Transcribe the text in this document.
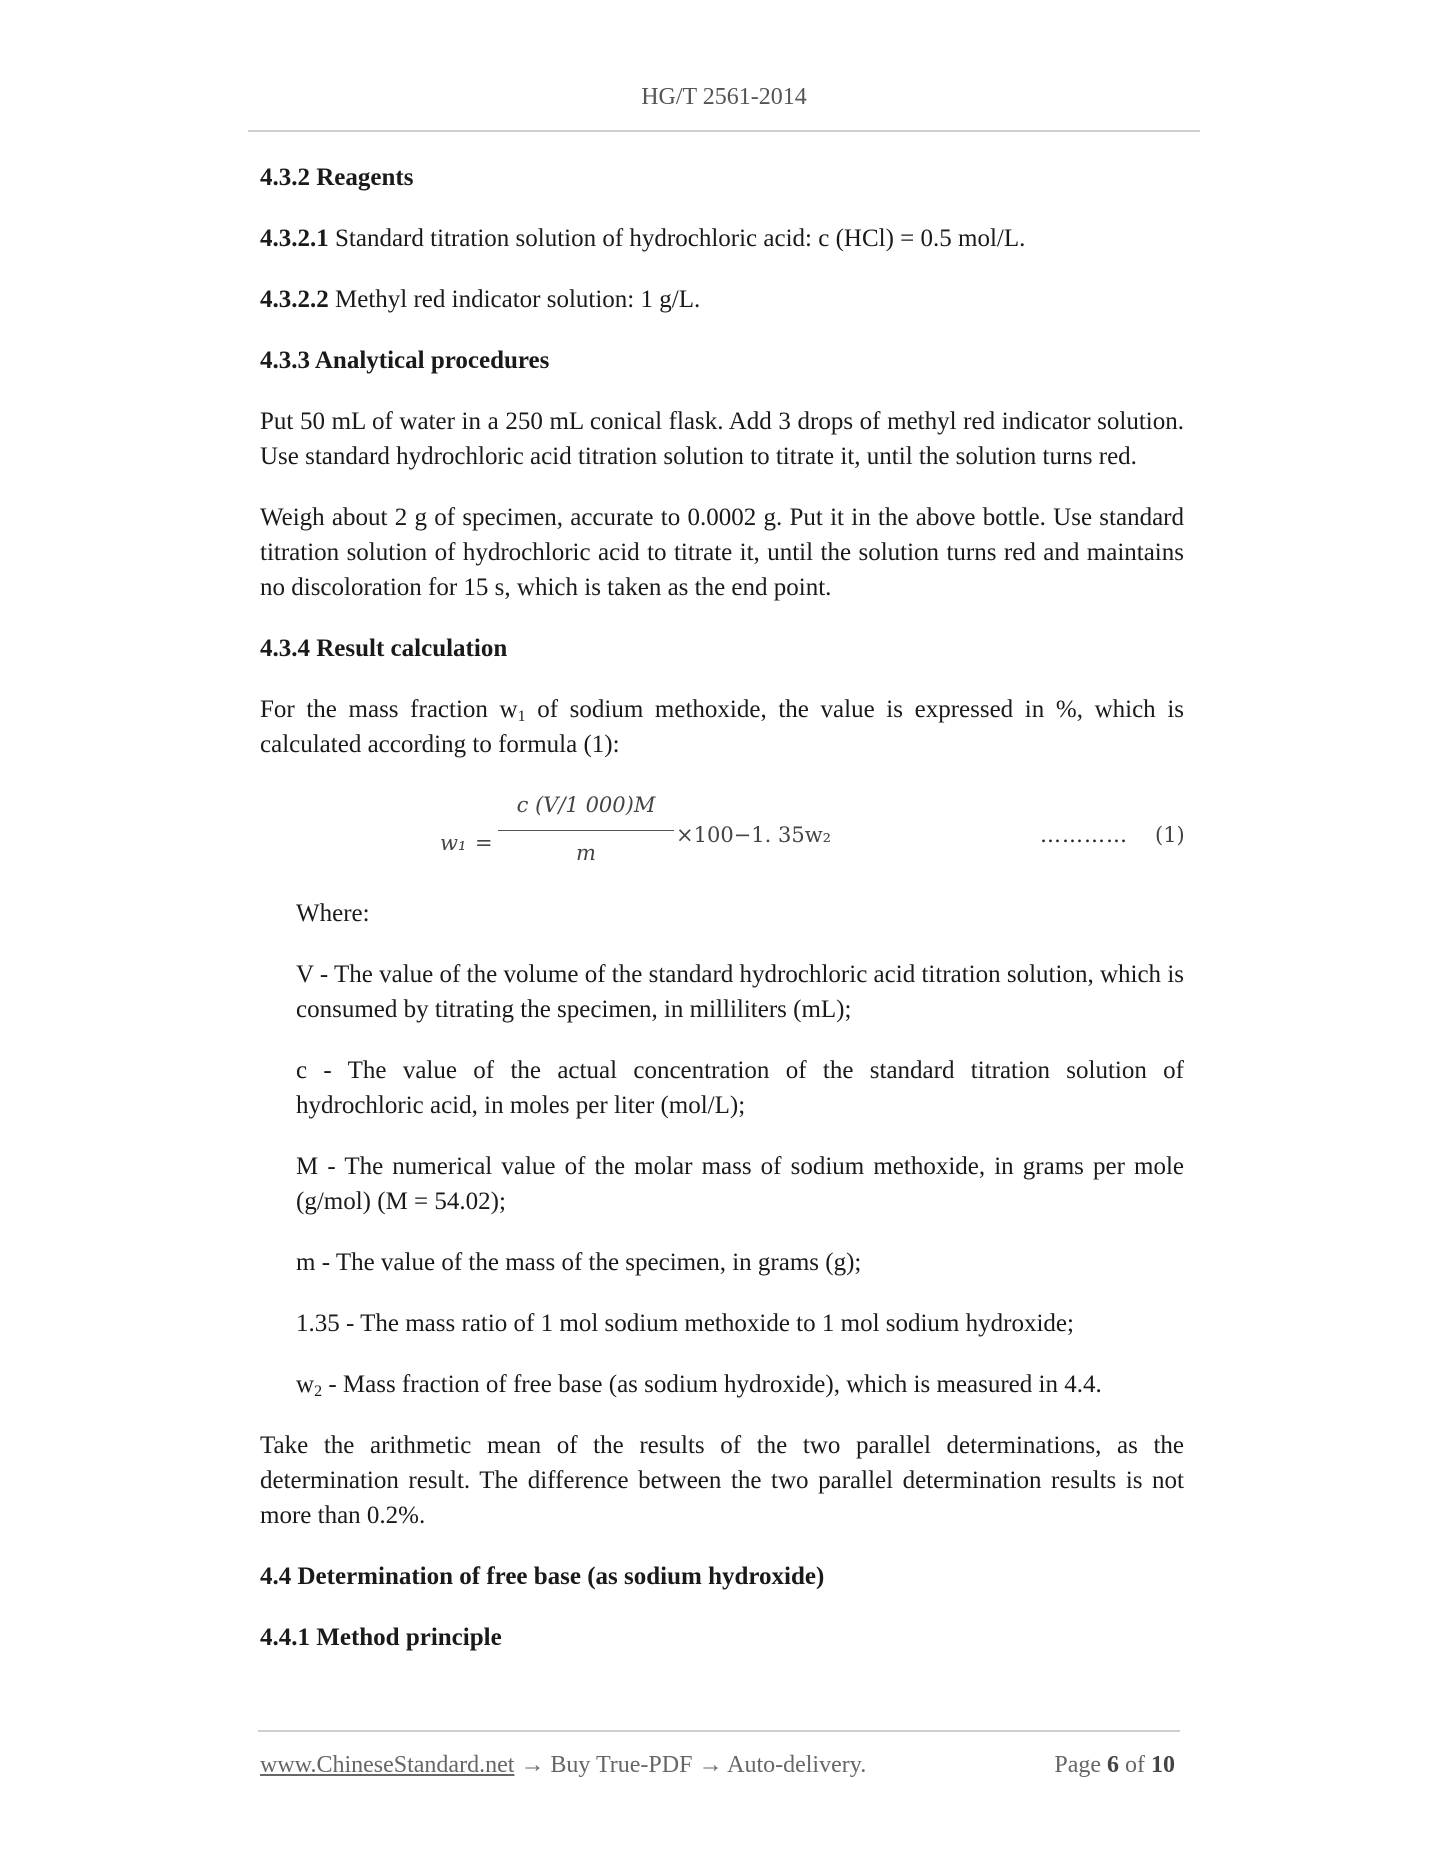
HG/T 2561-2014
4.3.2 Reagents

4.3.2.1 Standard titration solution of hydrochloric acid: c (HCl) = 0.5 mol/L.

4.3.2.2 Methyl red indicator solution: 1 g/L.

4.3.3 Analytical procedures

Put 50 mL of water in a 250 mL conical flask. Add 3 drops of methyl red indicator solution. Use standard hydrochloric acid titration solution to titrate it, until the solution turns red.

Weigh about 2 g of specimen, accurate to 0.0002 g. Put it in the above bottle. Use standard titration solution of hydrochloric acid to titrate it, until the solution turns red and maintains no discoloration for 15 s, which is taken as the end point.

4.3.4 Result calculation

For the mass fraction $w_1$ of sodium methoxide, the value is expressed in %, which is calculated according to formula (1):

w₁ =
c (V/1 000)M
m
×100−1. 35w₂	………… (1)

Where:

V - The value of the volume of the standard hydrochloric acid titration solution, which is consumed by titrating the specimen, in milliliters (mL);

c - The value of the actual concentration of the standard titration solution of hydrochloric acid, in moles per liter (mol/L);

M - The numerical value of the molar mass of sodium methoxide, in grams per mole (g/mol) (M = 54.02);

m - The value of the mass of the specimen, in grams (g);

1.35 - The mass ratio of 1 mol sodium methoxide to 1 mol sodium hydroxide;

$w_2$ - Mass fraction of free base (as sodium hydroxide), which is measured in 4.4.

Take the arithmetic mean of the results of the two parallel determinations, as the determination result. The difference between the two parallel determination results is not more than 0.2%.

4.4 Determination of free base (as sodium hydroxide)
4.4.1 Method principle
www.ChineseStandard.net → Buy True-PDF → Auto-delivery.	Page 6 of 10
